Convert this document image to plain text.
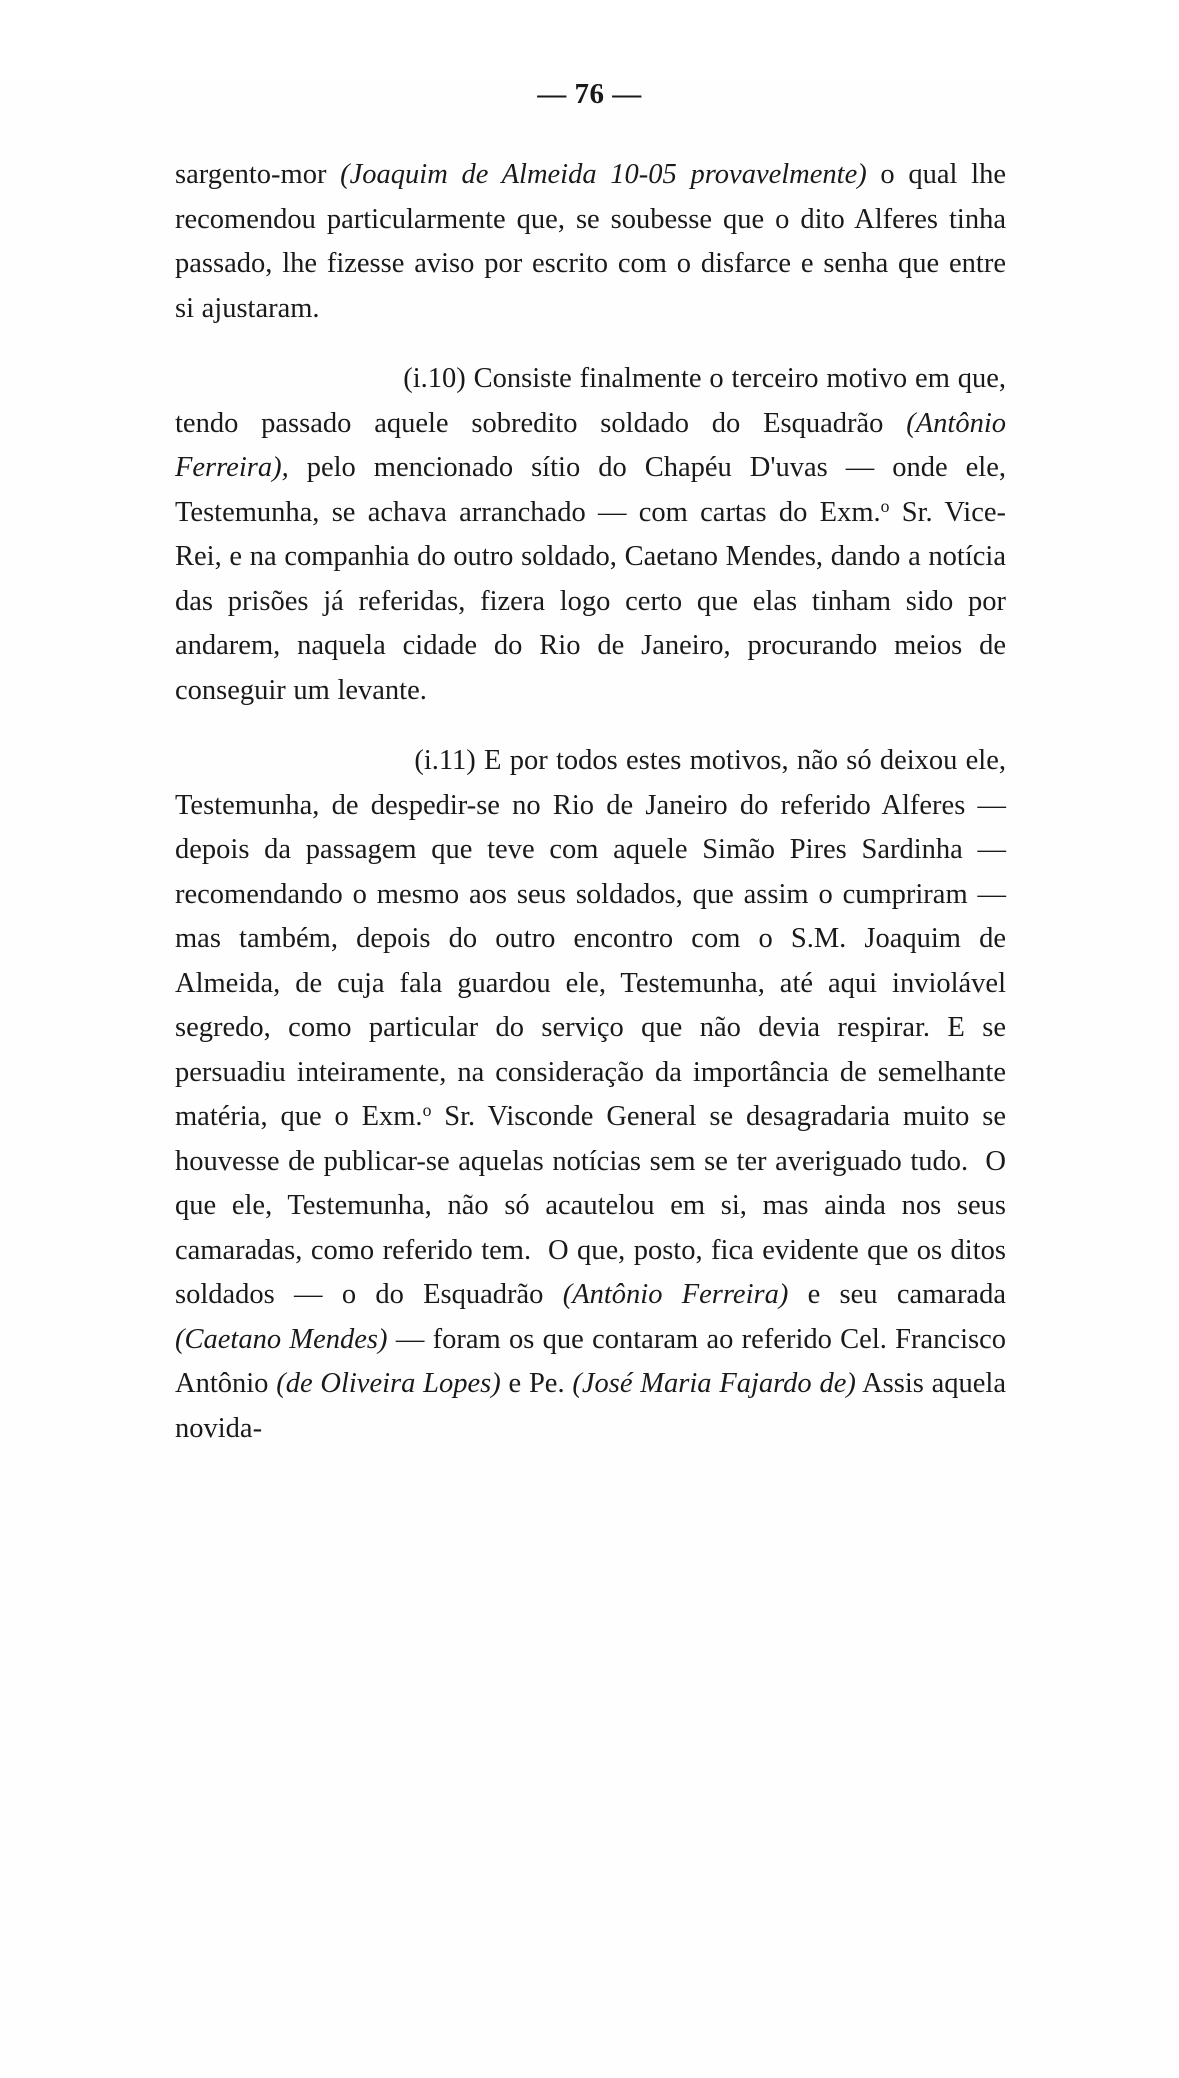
— 76 —

sargento-mor (Joaquim de Almeida 10-05 provavelmente) o qual lhe recomendou particularmente que, se soubesse que o dito Alferes tinha passado, lhe fizesse aviso por escrito com o disfarce e senha que entre si ajustaram.

(i.10) Consiste finalmente o terceiro motivo em que, tendo passado aquele sobredito soldado do Esquadrão (Antônio Ferreira), pelo mencionado sítio do Chapéu D'uvas — onde ele, Testemunha, se achava arranchado — com cartas do Exm.$^o$ Sr. Vice-Rei, e na companhia do outro soldado, Caetano Mendes, dando a notícia das prisões já referidas, fizera logo certo que elas tinham sido por andarem, naquela cidade do Rio de Janeiro, procurando meios de conseguir um levante.

(i.11) E por todos estes motivos, não só deixou ele, Testemunha, de despedir-se no Rio de Janeiro do referido Alferes — depois da passagem que teve com aquele Simão Pires Sardinha — recomendando o mesmo aos seus soldados, que assim o cumpriram — mas também, depois do outro encontro com o S.M. Joaquim de Almeida, de cuja fala guardou ele, Testemunha, até aqui inviolável segredo, como particular do serviço que não devia respirar. E se persuadiu inteiramente, na consideração da importância de semelhante matéria, que o Exm.$^o$ Sr. Visconde General se desagradaria muito se houvesse de publicar-se aquelas notícias sem se ter averiguado tudo.  O que ele, Testemunha, não só acautelou em si, mas ainda nos seus camaradas, como referido tem.  O que, posto, fica evidente que os ditos soldados — o do Esquadrão (Antônio Ferreira) e seu camarada (Caetano Mendes) — foram os que contaram ao referido Cel. Francisco Antônio (de Oliveira Lopes) e Pe. (José Maria Fajardo de) Assis aquela novida-
